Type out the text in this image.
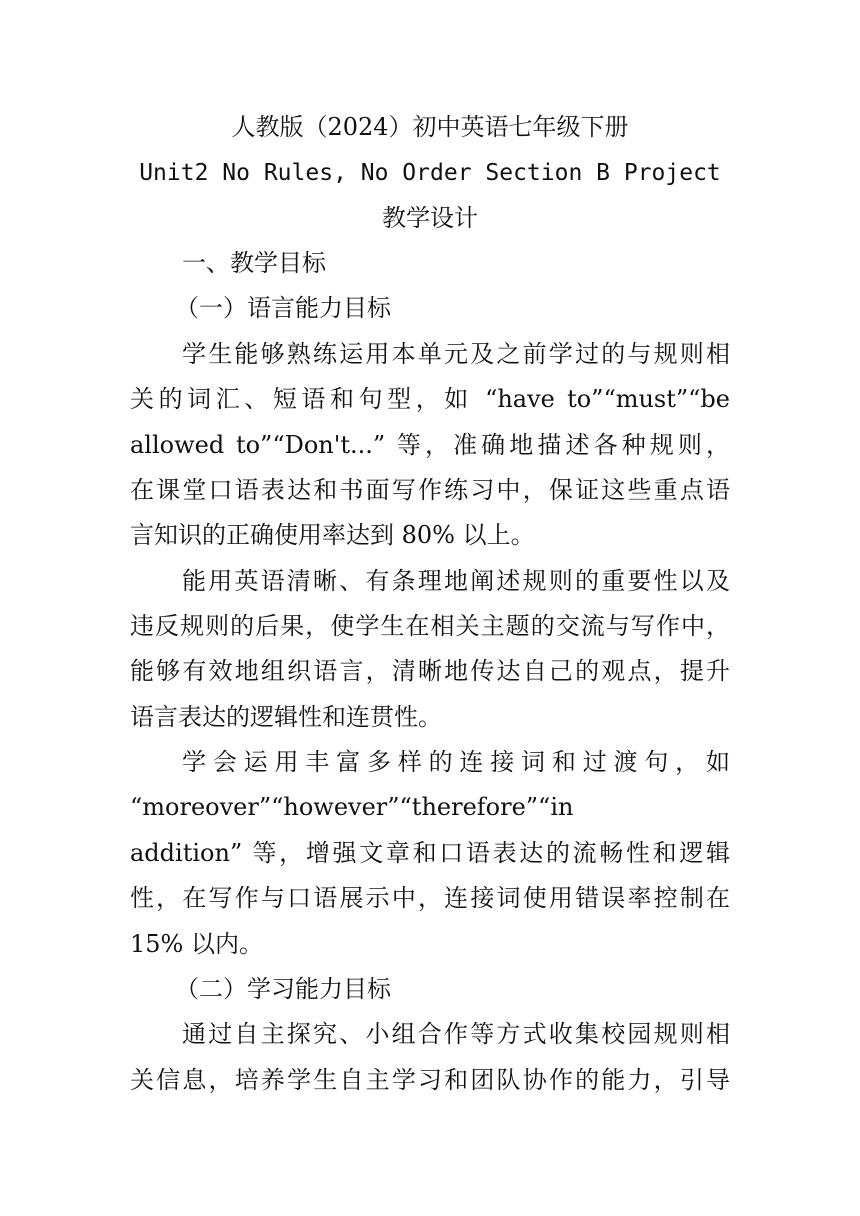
人教版（2024）初中英语七年级下册
Unit2 No Rules, No Order Section B Project
教学设计
一、教学目标
（一）语言能力目标
学生能够熟练运用本单元及之前学过的与规则相
关的词汇、短语和句型，如 “have to”“must”“be
allowed to”“Don't...” 等，准确地描述各种规则，
在课堂口语表达和书面写作练习中，保证这些重点语
言知识的正确使用率达到 80% 以上。
能用英语清晰、有条理地阐述规则的重要性以及
违反规则的后果，使学生在相关主题的交流与写作中，
能够有效地组织语言，清晰地传达自己的观点，提升
语言表达的逻辑性和连贯性。
学会运用丰富多样的连接词和过渡句，如
“moreover”“however”“therefore”“in
addition” 等，增强文章和口语表达的流畅性和逻辑
性，在写作与口语展示中，连接词使用错误率控制在
15% 以内。
（二）学习能力目标
通过自主探究、小组合作等方式收集校园规则相
关信息，培养学生自主学习和团队协作的能力，引导
